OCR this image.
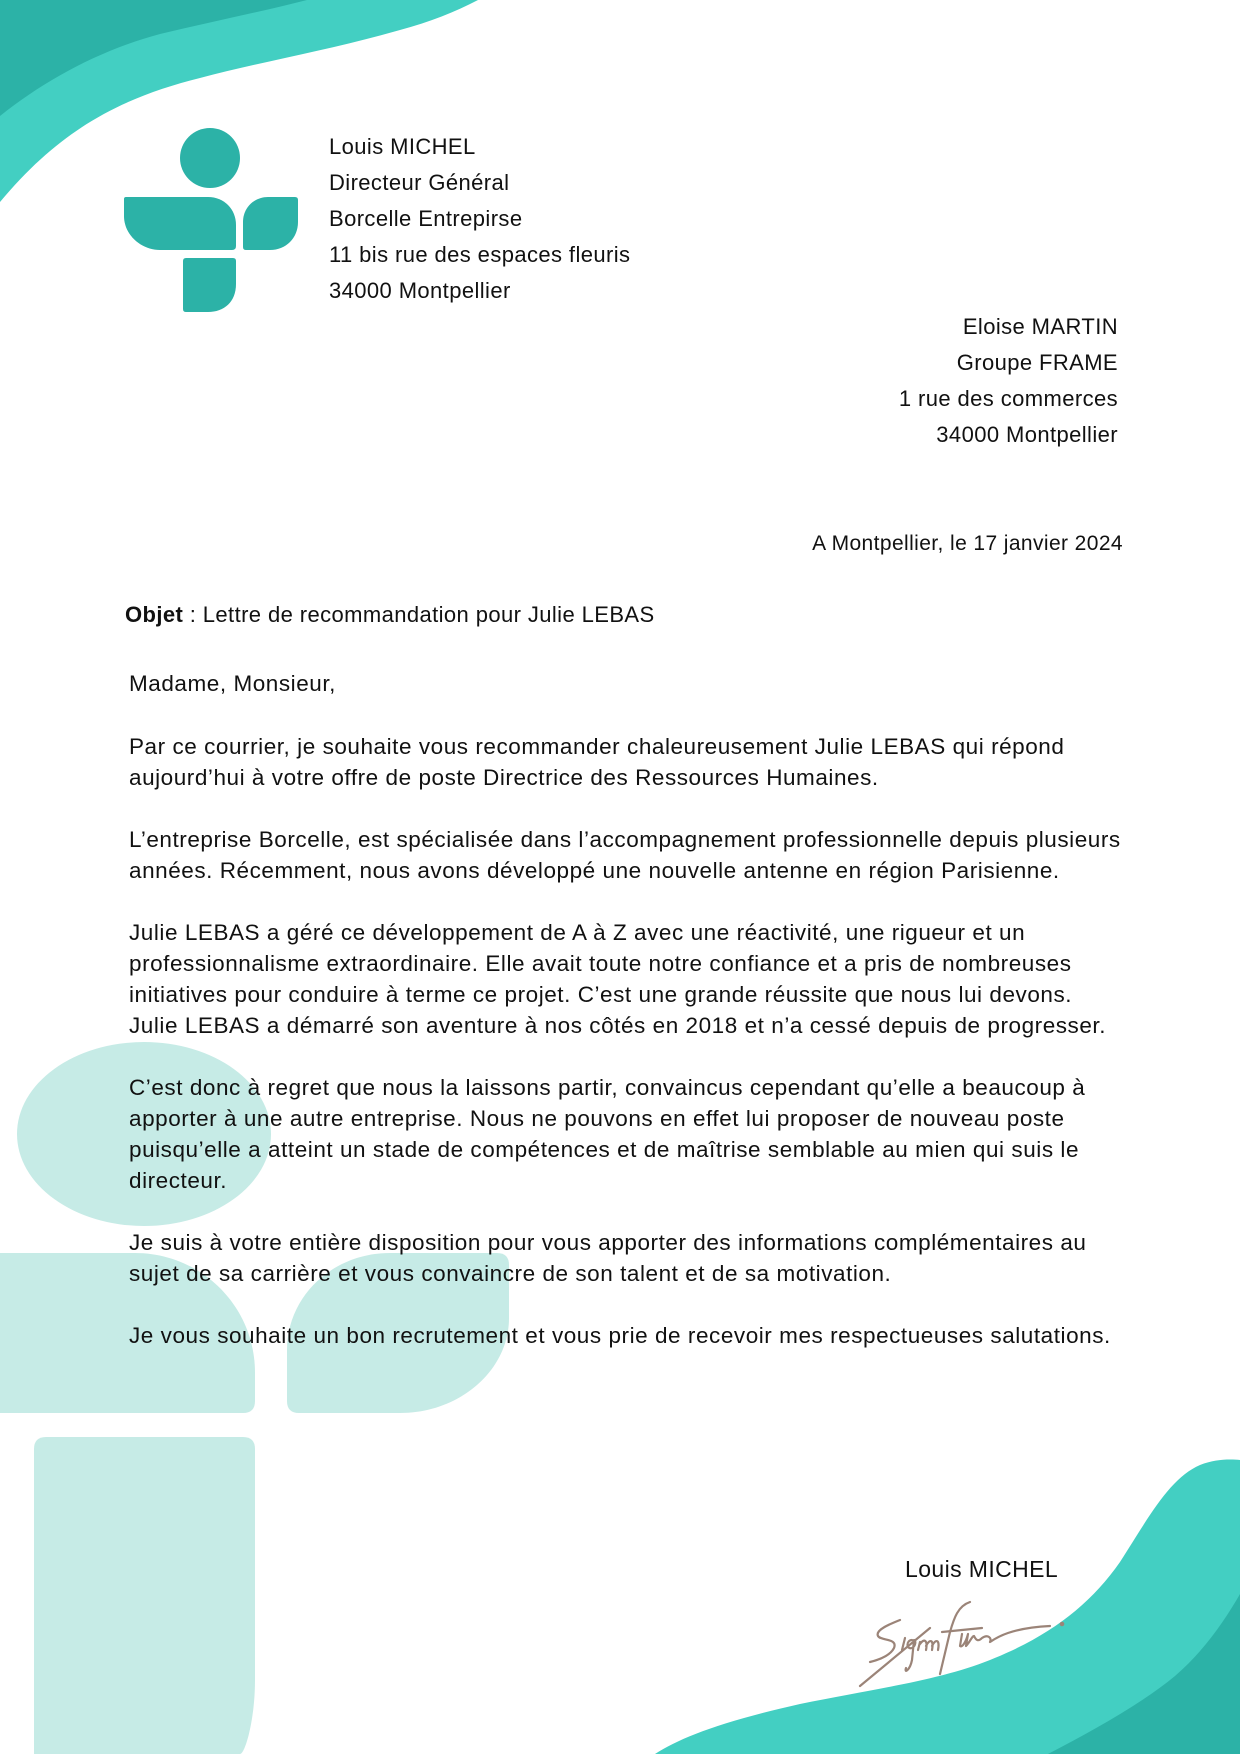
Louis MICHEL
Directeur Général
Borcelle Entrepirse
11 bis rue des espaces fleuris
34000 Montpellier
Eloise MARTIN
Groupe FRAME
1 rue des commerces
34000 Montpellier
A Montpellier, le 17 janvier 2024
Objet : Lettre de recommandation pour Julie LEBAS

Madame, Monsieur,

Par ce courrier, je souhaite vous recommander chaleureusement Julie LEBAS qui répond aujourd’hui à votre offre de poste Directrice des Ressources Humaines.

L’entreprise Borcelle, est spécialisée dans l’accompagnement professionnelle depuis plusieurs années. Récemment, nous avons développé une nouvelle antenne en région Parisienne.

Julie LEBAS a géré ce développement de A à Z avec une réactivité, une rigueur et un professionnalisme extraordinaire. Elle avait toute notre confiance et a pris de nombreuses initiatives pour conduire à terme ce projet. C’est une grande réussite que nous lui devons.

Julie LEBAS a démarré son aventure à nos côtés en 2018 et n’a cessé depuis de progresser.

C’est donc à regret que nous la laissons partir, convaincus cependant qu’elle a beaucoup à apporter à une autre entreprise. Nous ne pouvons en effet lui proposer de nouveau poste puisqu’elle a atteint un stade de compétences et de maîtrise semblable au mien qui suis le directeur.

Je suis à votre entière disposition pour vous apporter des informations complémentaires au sujet de sa carrière et vous convaincre de son talent et de sa motivation.

Je vous souhaite un bon recrutement et vous prie de recevoir mes respectueuses salutations.

Louis MICHEL
